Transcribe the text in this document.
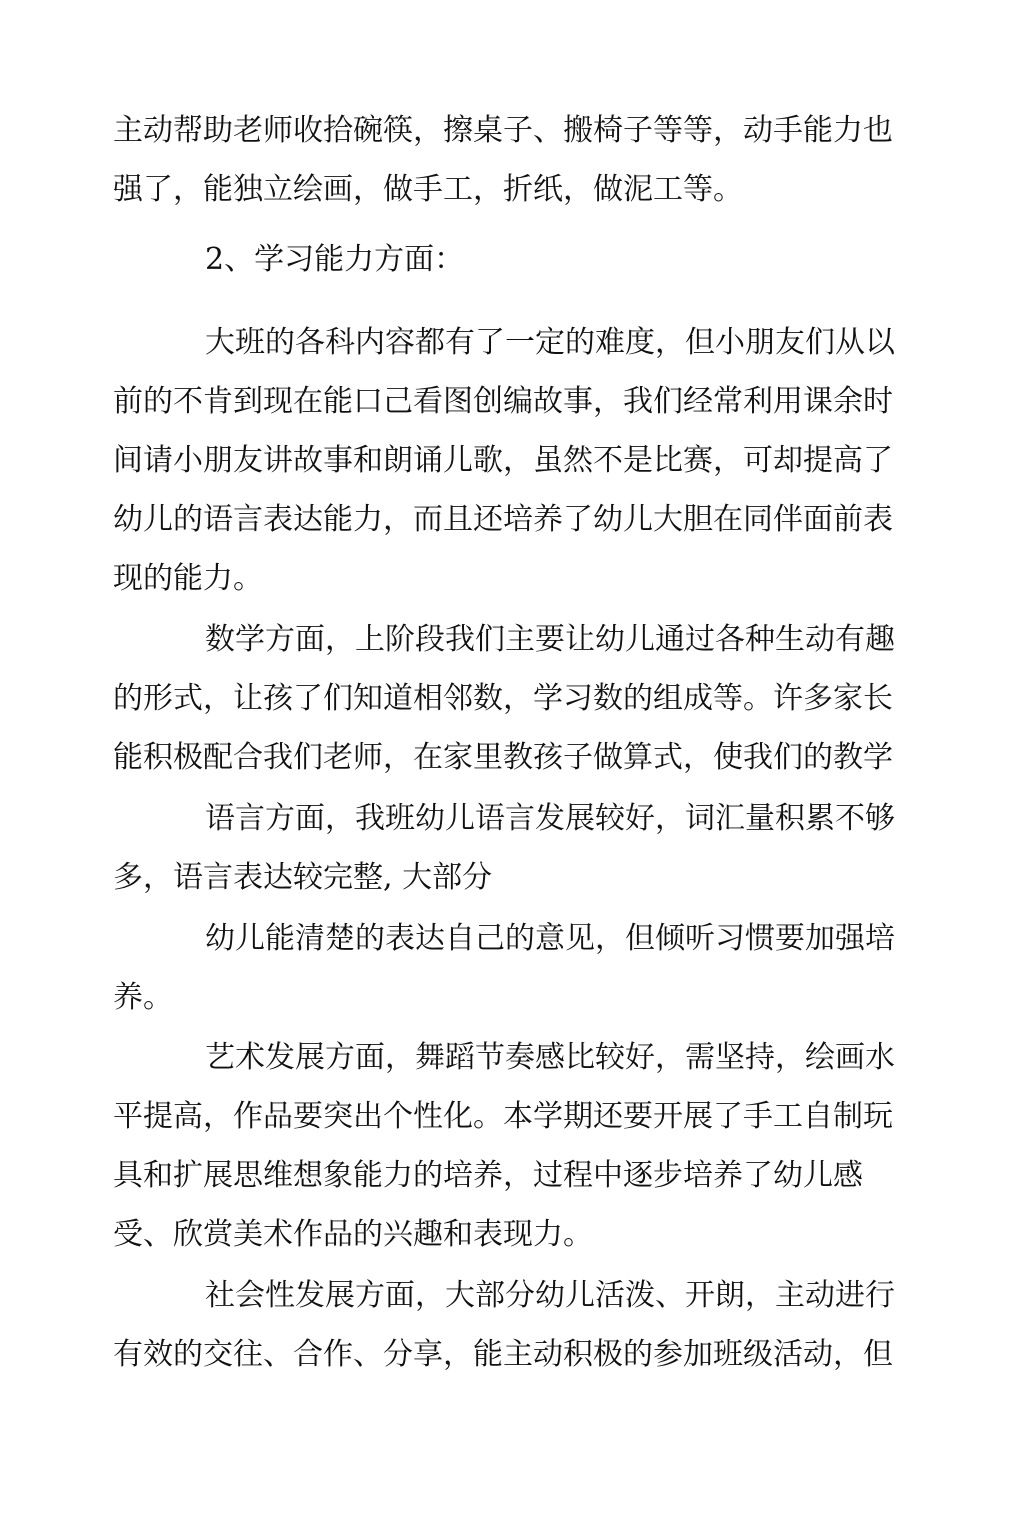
主动帮助老师收拾碗筷，擦桌子、搬椅子等等，动手能力也

强了，能独立绘画，做手工，折纸，做泥工等。

2、学习能力方面：

大班的各科内容都有了一定的难度，但小朋友们从以

前的不肯到现在能口己看图创编故事，我们经常利用课余时

间请小朋友讲故事和朗诵儿歌，虽然不是比赛，可却提高了

幼儿的语言表达能力，而且还培养了幼儿大胆在同伴面前表

现的能力。

数学方面，上阶段我们主要让幼儿通过各种生动有趣

的形式，让孩了们知道相邻数，学习数的组成等。许多家长

能积极配合我们老师，在家里教孩子做算式，使我们的教学

语言方面，我班幼儿语言发展较好，词汇量积累不够

多，语言表达较完整, 大部分

幼儿能清楚的表达自己的意见，但倾听习惯要加强培

养。

艺术发展方面，舞蹈节奏感比较好，需坚持，绘画水

平提高，作品要突出个性化。本学期还要开展了手工自制玩

具和扩展思维想象能力的培养，过程中逐步培养了幼儿感

受、欣赏美术作品的兴趣和表现力。

社会性发展方面，大部分幼儿活泼、开朗，主动进行

有效的交往、合作、分享，能主动积极的参加班级活动，但
